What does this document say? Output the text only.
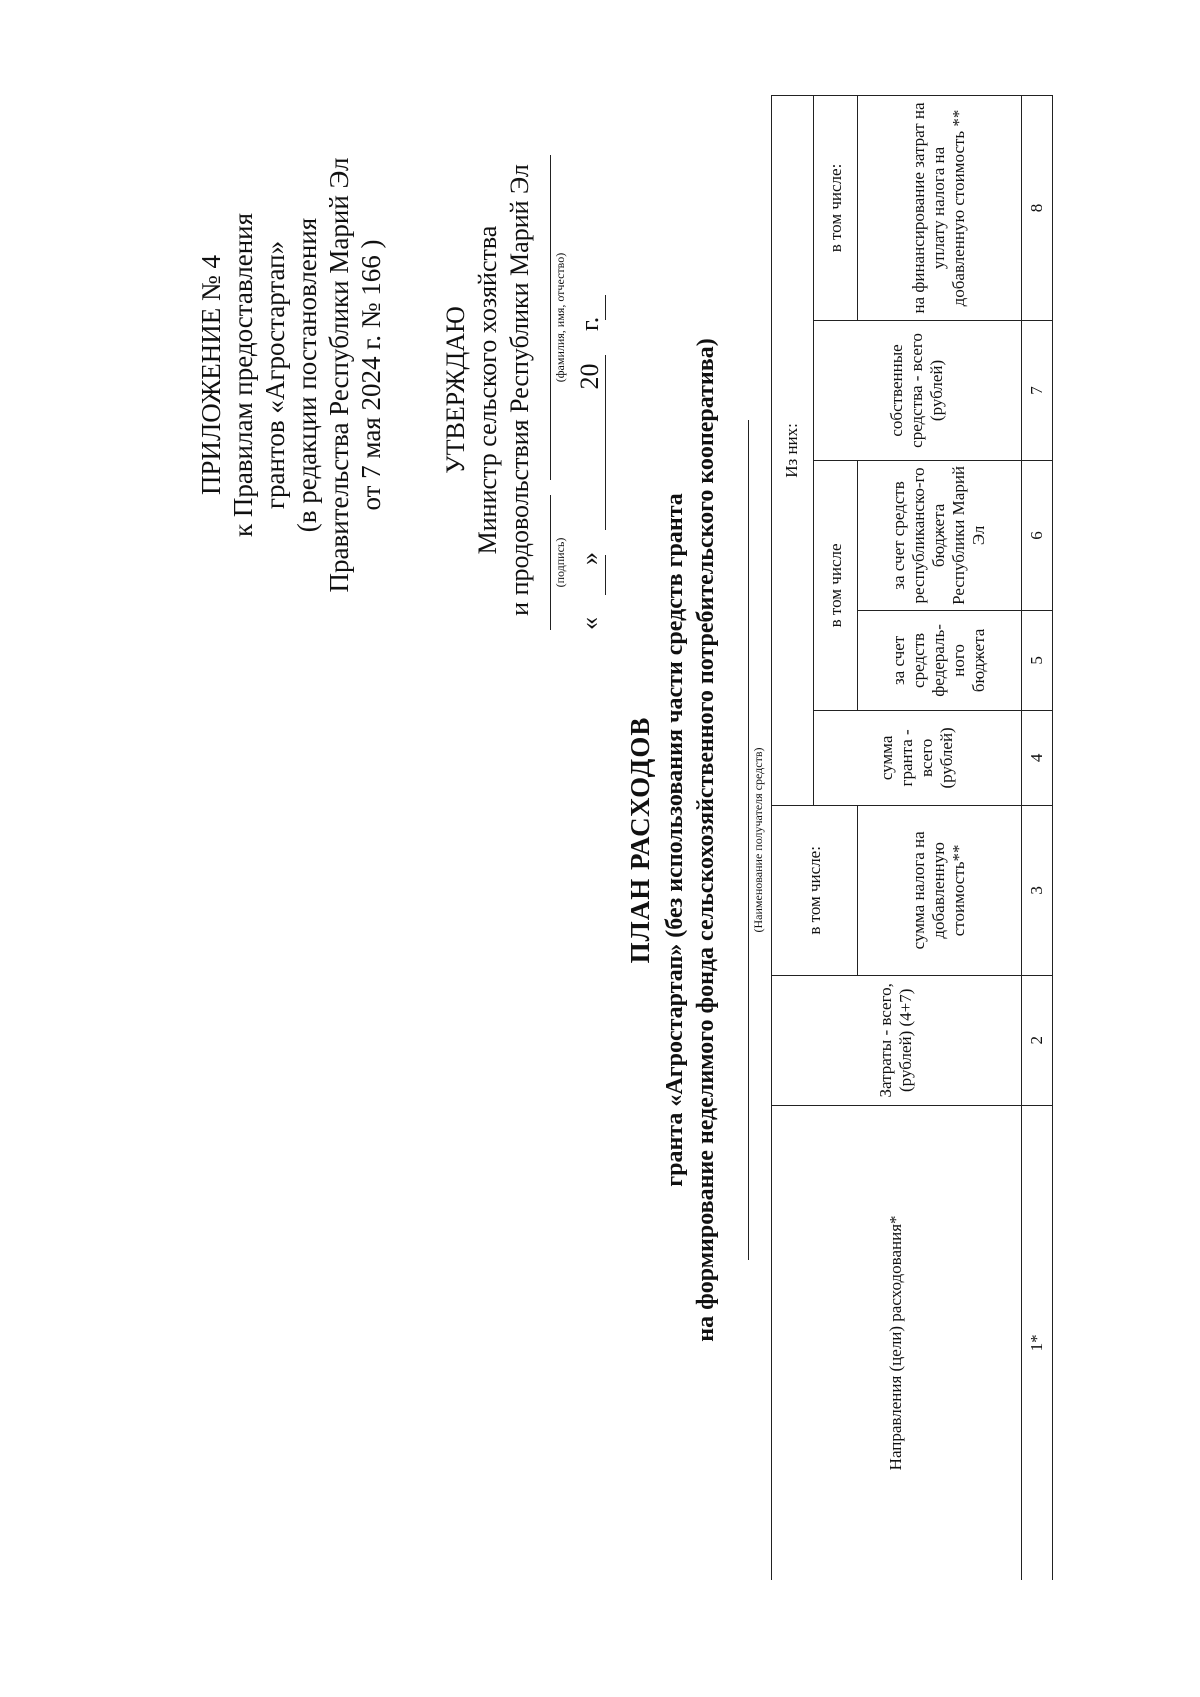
ПРИЛОЖЕНИЕ № 4 к Правилам предоставления грантов «Агростартап» (в редакции постановления Правительства Республики Марий Эл от 7 мая 2024 г. № 166 ) УТВЕРЖДАЮ Министр сельского хозяйства и продовольствия Республики Марий Эл (подпись)
(фамилия, имя, отчество) «        »                         20     г.
ПЛАН РАСХОДОВ гранта «Агростартап» (без использования части средств гранта на формирование неделимого фонда сельскохозяйственного потребительского кооператива)	(Наименование получателя средств)
Направления (цели) расходования*	Затраты - всего, (рублей) (4+7)	в том числе:	Из них:				
			сумма гранта - всего (рублей)	в том числе		собственные средства - всего (рублей)	в том числе:
		сумма налога на добавленную стоимость**		за счет средств федераль-ного бюджета	за счет средств республиканско-го бюджета Республики Марий Эл		на финансирование затрат на уплату налога на добавленную стоимость **
1*	2	3	4	5	6	7	8
